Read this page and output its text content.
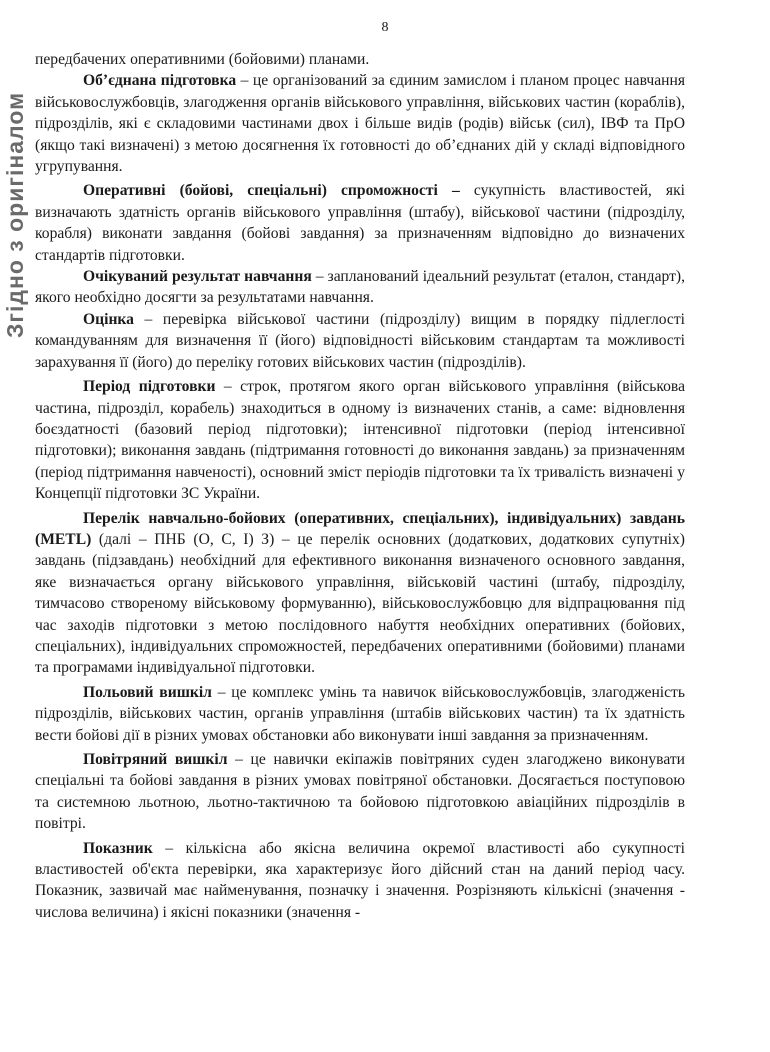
8
Згідно з оригіналом

передбачених оперативними (бойовими) планами.

Об’єднана підготовка – це організований за єдиним замислом і планом процес навчання військовослужбовців, злагодження органів військового управління, військових частин (кораблів), підрозділів, які є складовими частинами двох і більше видів (родів) військ (сил), ІВФ та ПрО (якщо такі визначені) з метою досягнення їх готовності до об’єднаних дій у складі відповідного угрупування.

Оперативні (бойові, спеціальні) спроможності – сукупність властивостей, які визначають здатність органів військового управління (штабу), військової частини (підрозділу, корабля) виконати завдання (бойові завдання) за призначенням відповідно до визначених стандартів підготовки.

Очікуваний результат навчання – запланований ідеальний результат (еталон, стандарт), якого необхідно досягти за результатами навчання.

Оцінка – перевірка військової частини (підрозділу) вищим в порядку підлеглості командуванням для визначення її (його) відповідності військовим стандартам та можливості зарахування її (його) до переліку готових військових частин (підрозділів).

Період підготовки – строк, протягом якого орган військового управління (військова частина, підрозділ, корабель) знаходиться в одному із визначених станів, а саме: відновлення боєздатності (базовий період підготовки); інтенсивної підготовки (період інтенсивної підготовки); виконання завдань (підтримання готовності до виконання завдань) за призначенням (період підтримання навченості), основний зміст періодів підготовки та їх тривалість визначені у Концепції підготовки ЗС України.

Перелік навчально-бойових (оперативних, спеціальних), індивідуальних) завдань (METL) (далі – ПНБ (О, С, І) З) – це перелік основних (додаткових, додаткових супутніх) завдань (підзавдань) необхідний для ефективного виконання визначеного основного завдання, яке визначається органу військового управління, військовій частині (штабу, підрозділу, тимчасово створеному військовому формуванню), військовослужбовцю для відпрацювання під час заходів підготовки з метою послідовного набуття необхідних оперативних (бойових, спеціальних), індивідуальних спроможностей, передбачених оперативними (бойовими) планами та програмами індивідуальної підготовки.

Польовий вишкіл – це комплекс умінь та навичок військовослужбовців, злагодженість підрозділів, військових частин, органів управління (штабів військових частин) та їх здатність вести бойові дії в різних умовах обстановки або виконувати інші завдання за призначенням.

Повітряний вишкіл – це навички екіпажів повітряних суден злагоджено виконувати спеціальні та бойові завдання в різних умовах повітряної обстановки. Досягається поступовою та системною льотною, льотно-тактичною та бойовою підготовкою авіаційних підрозділів в повітрі.

Показник – кількісна або якісна величина окремої властивості або сукупності властивостей об'єкта перевірки, яка характеризує його дійсний стан на даний період часу. Показник, зазвичай має найменування, позначку і значення. Розрізняють кількісні (значення - числова величина) і якісні показники (значення -
